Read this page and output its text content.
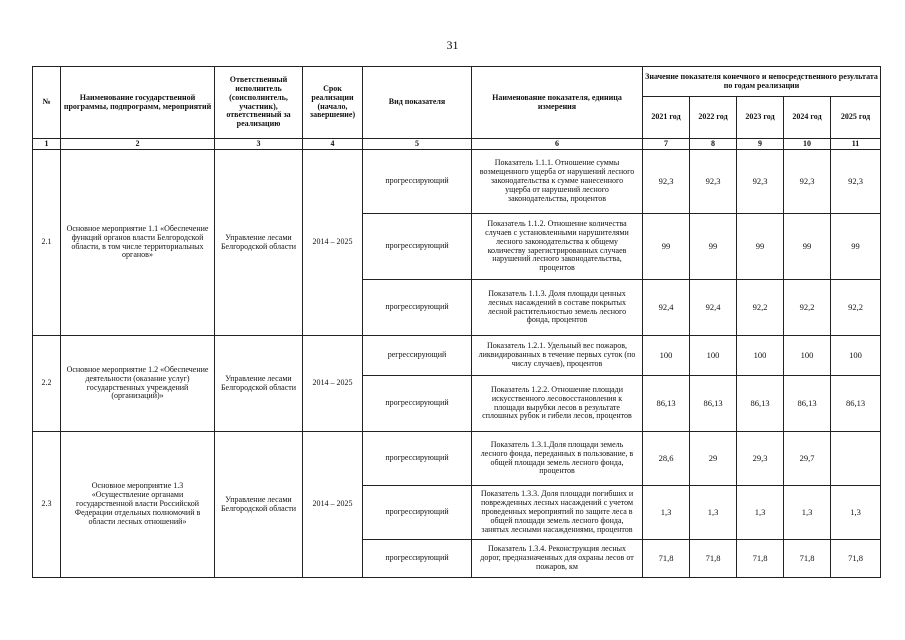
31
№	Наименование государственной программы, подпрограмм, мероприятий	Ответственный исполнитель (соисполнитель, участник), ответственный за реализацию	Срок реализации (начало, завершение)	Вид показателя	Наименование показателя, единица измерения	Значение показателя конечного и непосредственного результата по годам реализации				
						2021 год	2022 год	2023 год	2024 год	2025 год
1	2	3	4	5	6	7	8	9	10	11
2.1	Основное мероприятие 1.1 «Обеспечение функций органов власти Белгородской области, в том числе территориальных органов»	Управление лесами Белгородской области	2014 – 2025	прогрессирующий	Показатель 1.1.1. Отношение суммы возмещенного ущерба от нарушений лесного законодательства к сумме нанесенного ущерба от нарушений лесного законодательства, процентов	92,3	92,3	92,3	92,3	92,3
				прогрессирующий	Показатель 1.1.2. Отношение количества случаев с установленными нарушителями лесного законодательства к общему количеству зарегистрированных случаев нарушений лесного законодательства, процентов	99	99	99	99	99
				прогрессирующий	Показатель 1.1.3. Доля площади ценных лесных насаждений в составе покрытых лесной растительностью земель лесного фонда, процентов	92,4	92,4	92,2	92,2	92,2
2.2	Основное мероприятие 1.2 «Обеспечение деятельности (оказание услуг) государственных учреждений (организаций)»	Управление лесами Белгородской области	2014 – 2025	регрессирующий	Показатель 1.2.1. Удельный вес пожаров, ликвидированных в течение первых суток (по числу случаев), процентов	100	100	100	100	100
				прогрессирующий	Показатель 1.2.2. Отношение площади искусственного лесовосстановления к площади вырубки лесов в результате сплошных рубок и гибели лесов, процентов	86,13	86,13	86,13	86,13	86,13
2.3	Основное мероприятие 1.3 «Осуществление органами государственной власти Российской Федерации отдельных полномочий в области лесных отношений»	Управление лесами Белгородской области	2014 – 2025	прогрессирующий	Показатель 1.3.1.Доля площади земель лесного фонда, переданных в пользование, в общей площади земель лесного фонда, процентов	28,6	29	29,3	29,7	
				прогрессирующий	Показатель 1.3.3. Доля площади погибших и поврежденных лесных насаждений с учетом проведенных мероприятий по защите леса в общей площади земель лесного фонда, занятых лесными насаждениями, процентов	1,3	1,3	1,3	1,3	1,3
				прогрессирующий	Показатель 1.3.4. Реконструкция лесных дорог, предназначенных для охраны лесов от пожаров, км	71,8	71,8	71,8	71,8	71,8
